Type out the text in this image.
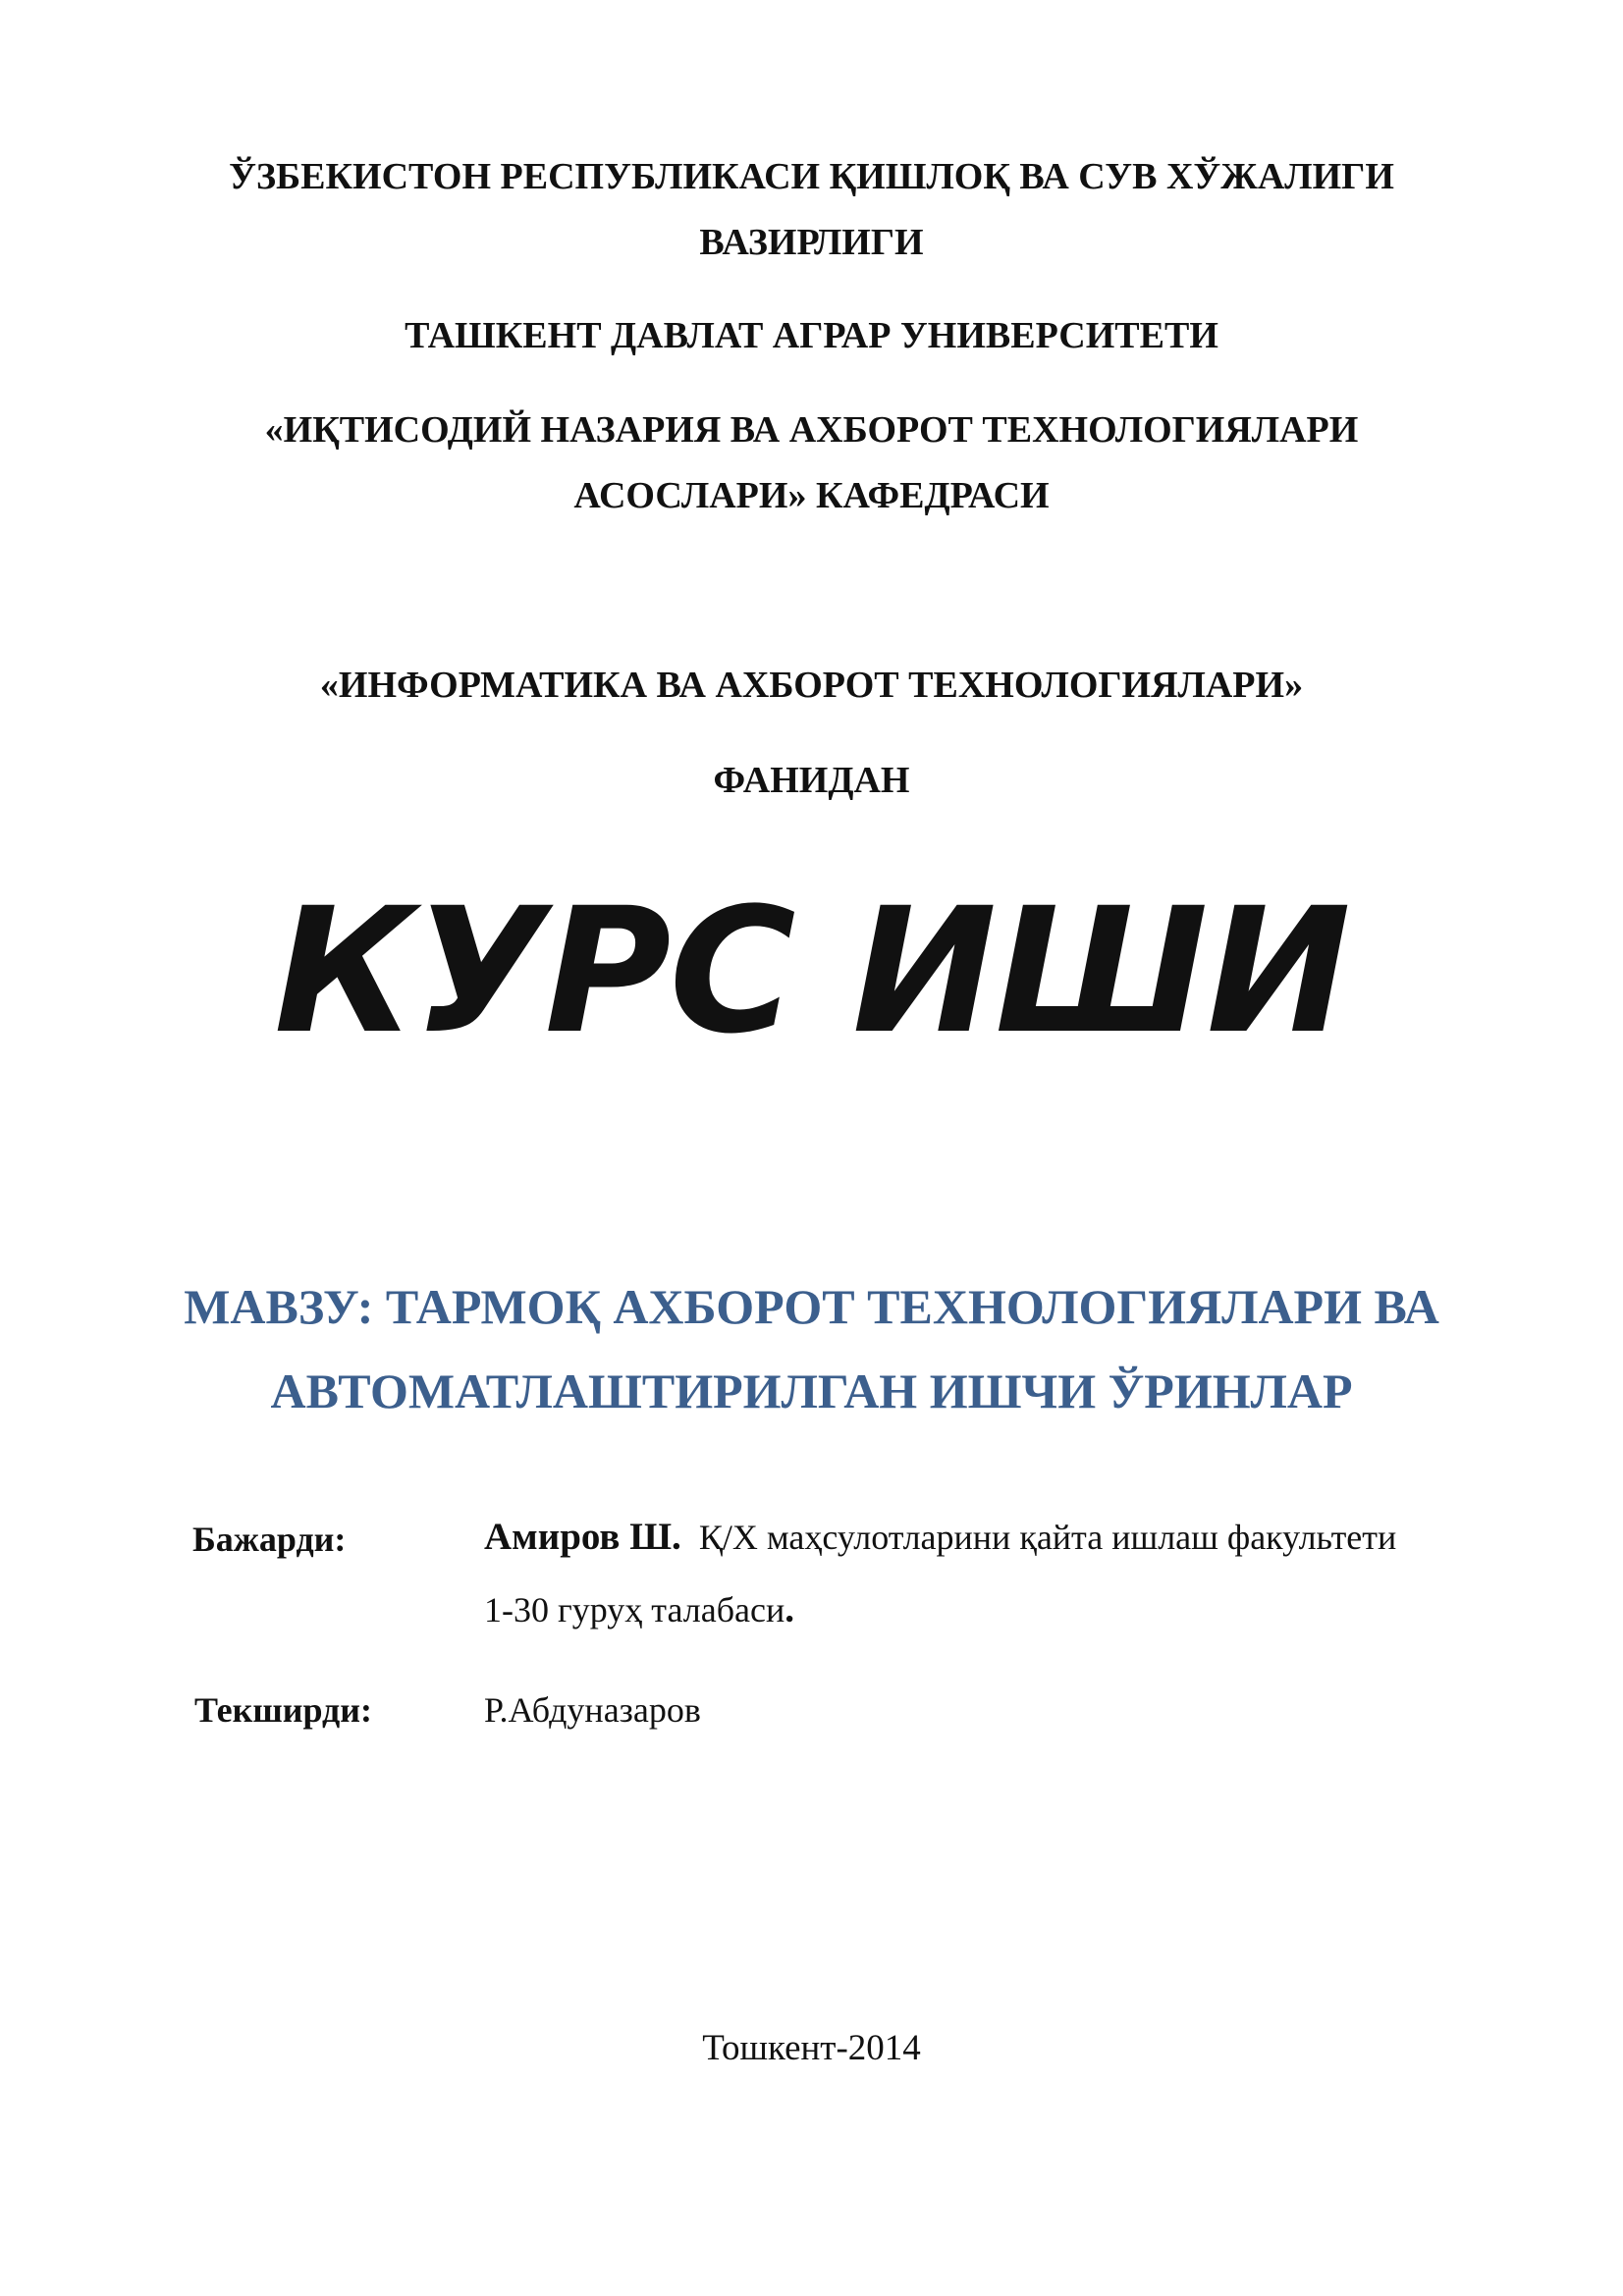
ЎЗБЕКИСТОН РЕСПУБЛИКАСИ ҚИШЛОҚ ВА СУВ ХЎЖАЛИГИ
ВАЗИРЛИГИ
ТАШКЕНТ ДАВЛАТ АГРАР УНИВЕРСИТЕТИ
«ИҚТИСОДИЙ НАЗАРИЯ ВА АХБОРОТ ТЕХНОЛОГИЯЛАРИ
АСОСЛАРИ» КАФЕДРАСИ
«ИНФОРМАТИКА ВА АХБОРОТ ТЕХНОЛОГИЯЛАРИ»
ФАНИДАН
КУРС ИШИ
МАВЗУ: ТАРМОҚ АХБОРОТ ТЕХНОЛОГИЯЛАРИ ВА
АВТОМАТЛАШТИРИЛГАН ИШЧИ ЎРИНЛАР
Бажарди:	Амиров Ш. Қ/Х маҳсулотларини қайта ишлаш факультети
1-30 гуруҳ талабаси.
Текширди:	Р.Абдуназаров
Тошкент-2014
